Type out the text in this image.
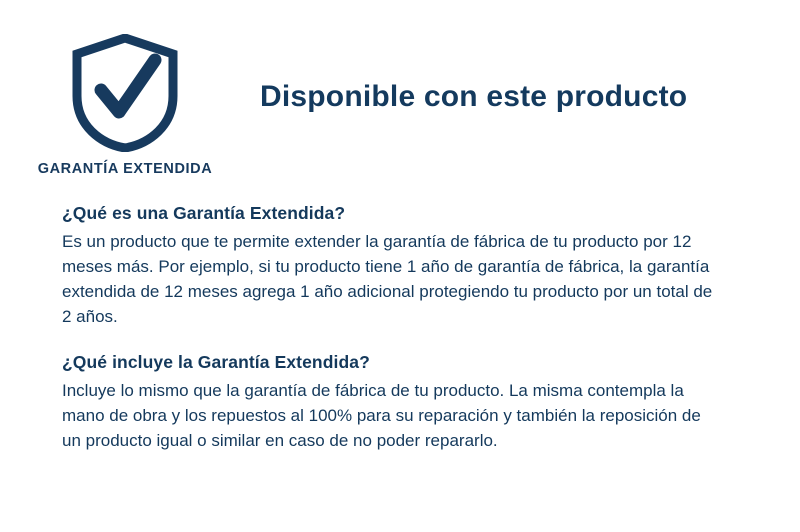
GARANTÍA EXTENDIDA
Disponible con este producto
¿Qué es una Garantía Extendida?

Es un producto que te permite extender la garantía de fábrica de tu producto por 12 meses más. Por ejemplo, si tu producto tiene 1 año de garantía de fábrica, la garantía extendida de 12 meses agrega 1 año adicional protegiendo tu producto por un total de 2 años.

¿Qué incluye la Garantía Extendida?

Incluye lo mismo que la garantía de fábrica de tu producto. La misma contempla la mano de obra y los repuestos al 100% para su reparación y también la reposición de un producto igual o similar en caso de no poder repararlo.
